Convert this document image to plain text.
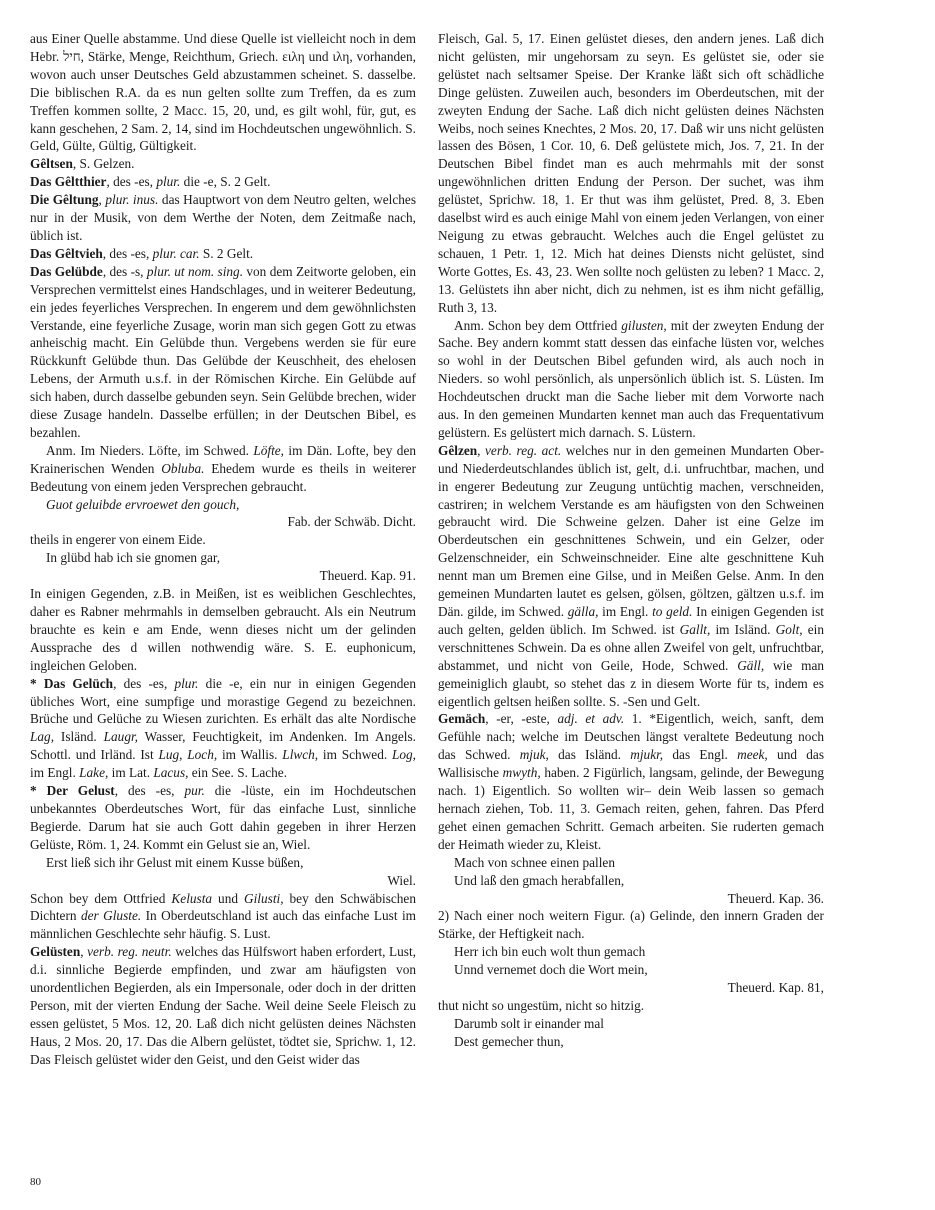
aus Einer Quelle abstamme. Und diese Quelle ist vielleicht noch in dem Hebr. חיל, Stärke, Menge, Reichthum, Griech. ειλη und ιλη, vorhanden, wovon auch unser Deutsches Geld abzustammen scheinet. S. dasselbe. Die biblischen R.A. da es nun gelten sollte zum Treffen, da es zum Treffen kommen sollte, 2 Macc. 15, 20, und, es gilt wohl, für, gut, es kann geschehen, 2 Sam. 2, 14, sind im Hochdeutschen ungewöhnlich. S. Geld, Gülte, Gültig, Gültigkeit.

Gêltsen, S. Gelzen.

Das Gêltthier, des -es, plur. die -e, S. 2 Gelt.

Die Gêltung, plur. inus. das Hauptwort von dem Neutro gelten, welches nur in der Musik, von dem Werthe der Noten, dem Zeitmaße nach, üblich ist.

Das Gêltvieh, des -es, plur. car. S. 2 Gelt.

Das Gelübde, des -s, plur. ut nom. sing. von dem Zeitworte geloben, ein Versprechen vermittelst eines Handschlages, und in weiterer Bedeutung, ein jedes feyerliches Versprechen. In engerem und dem gewöhnlichsten Verstande, eine feyerliche Zusage, worin man sich gegen Gott zu etwas anheischig macht. Ein Gelübde thun. Vergebens werden sie für eure Rückkunft Gelübde thun. Das Gelübde der Keuschheit, des ehelosen Lebens, der Armuth u.s.f. in der Römischen Kirche. Ein Gelübde auf sich haben, durch dasselbe gebunden seyn. Sein Gelübde brechen, wider diese Zusage handeln. Dasselbe erfüllen; in der Deutschen Bibel, es bezahlen.

Anm. Im Nieders. Löfte, im Schwed. Löfte, im Dän. Lofte, bey den Krainerischen Wenden Obluba. Ehedem wurde es theils in weiterer Bedeutung von einem jeden Versprechen gebraucht.

Guot geluibde ervroewet den gouch,

Fab. der Schwäb. Dicht.

theils in engerer von einem Eide.

In glübd hab ich sie gnomen gar,

Theuerd. Kap. 91.

In einigen Gegenden, z.B. in Meißen, ist es weiblichen Geschlechtes, daher es Rabner mehrmahls in demselben gebraucht. Als ein Neutrum brauchte es kein e am Ende, wenn dieses nicht um der gelinden Aussprache des d willen nothwendig wäre. S. E. euphonicum, ingleichen Geloben.

* Das Gelüch, des -es, plur. die -e, ein nur in einigen Gegenden übliches Wort, eine sumpfige und morastige Gegend zu bezeichnen. Brüche und Gelüche zu Wiesen zurichten. Es erhält das alte Nordische Lag, Isländ. Laugr, Wasser, Feuchtigkeit, im Andenken. Im Angels. Schottl. und Irländ. Ist Lug, Loch, im Wallis. Llwch, im Schwed. Log, im Engl. Lake, im Lat. Lacus, ein See. S. Lache.

* Der Gelust, des -es, pur. die -lüste, ein im Hochdeutschen unbekanntes Oberdeutsches Wort, für das einfache Lust, sinnliche Begierde. Darum hat sie auch Gott dahin gegeben in ihrer Herzen Gelüste, Röm. 1, 24. Kommt ein Gelust sie an, Wiel.

Erst ließ sich ihr Gelust mit einem Kusse büßen,

Wiel.

Schon bey dem Ottfried Kelusta und Gilusti, bey den Schwäbischen Dichtern der Gluste. In Oberdeutschland ist auch das einfache Lust im männlichen Geschlechte sehr häufig. S. Lust.

Gelüsten, verb. reg. neutr. welches das Hülfswort haben erfordert, Lust, d.i. sinnliche Begierde empfinden, und zwar am häufigsten von unordentlichen Begierden, als ein Impersonale, oder doch in der dritten Person, mit der vierten Endung der Sache. Weil deine Seele Fleisch zu essen gelüstet, 5 Mos. 12, 20. Laß dich nicht gelüsten deines Nächsten Haus, 2 Mos. 20, 17. Das die Albern gelüstet, tödtet sie, Sprichw. 1, 12. Das Fleisch gelüstet wider den Geist, und den Geist wider das

Fleisch, Gal. 5, 17. Einen gelüstet dieses, den andern jenes. Laß dich nicht gelüsten, mir ungehorsam zu seyn. Es gelüstet sie, oder sie gelüstet nach seltsamer Speise. Der Kranke läßt sich oft schädliche Dinge gelüsten. Zuweilen auch, besonders im Oberdeutschen, mit der zweyten Endung der Sache. Laß dich nicht gelüsten deines Nächsten Weibs, noch seines Knechtes, 2 Mos. 20, 17. Daß wir uns nicht gelüsten lassen des Bösen, 1 Cor. 10, 6. Deß gelüstete mich, Jos. 7, 21. In der Deutschen Bibel findet man es auch mehrmahls mit der sonst ungewöhnlichen dritten Endung der Person. Der suchet, was ihm gelüstet, Sprichw. 18, 1. Er thut was ihm gelüstet, Pred. 8, 3. Eben daselbst wird es auch einige Mahl von einem jeden Verlangen, von einer Neigung zu etwas gebraucht. Welches auch die Engel gelüstet zu schauen, 1 Petr. 1, 12. Mich hat deines Diensts nicht gelüstet, sind Worte Gottes, Es. 43, 23. Wen sollte noch gelüsten zu leben? 1 Macc. 2, 13. Gelüstets ihn aber nicht, dich zu nehmen, ist es ihm nicht gefällig, Ruth 3, 13.

Anm. Schon bey dem Ottfried gilusten, mit der zweyten Endung der Sache. Bey andern kommt statt dessen das einfache lüsten vor, welches so wohl in der Deutschen Bibel gefunden wird, als auch noch in Nieders. so wohl persönlich, als unpersönlich üblich ist. S. Lüsten. Im Hochdeutschen druckt man die Sache lieber mit dem Vorworte nach aus. In den gemeinen Mundarten kennet man auch das Frequentativum gelüstern. Es gelüstert mich darnach. S. Lüstern.

Gêlzen, verb. reg. act. welches nur in den gemeinen Mundarten Ober- und Niederdeutschlandes üblich ist, gelt, d.i. unfruchtbar, machen, und in engerer Bedeutung zur Zeugung untüchtig machen, verschneiden, castriren; in welchem Verstande es am häufigsten von den Schweinen gebraucht wird. Die Schweine gelzen. Daher ist eine Gelze im Oberdeutschen ein geschnittenes Schwein, und ein Gelzer, oder Gelzenschneider, ein Schweinschneider. Eine alte geschnittene Kuh nennt man um Bremen eine Gilse, und in Meißen Gelse. Anm. In den gemeinen Mundarten lautet es gelsen, gölsen, göltzen, gältzen u.s.f. im Dän. gilde, im Schwed. gälla, im Engl. to geld. In einigen Gegenden ist auch gelten, gelden üblich. Im Schwed. ist Gallt, im Isländ. Golt, ein verschnittenes Schwein. Da es ohne allen Zweifel von gelt, unfruchtbar, abstammet, und nicht von Geile, Hode, Schwed. Gäll, wie man gemeiniglich glaubt, so stehet das z in diesem Worte für ts, indem es eigentlich geltsen heißen sollte. S. -Sen und Gelt.

Gemäch, -er, -este, adj. et adv. 1. *Eigentlich, weich, sanft, dem Gefühle nach; welche im Deutschen längst veraltete Bedeutung noch das Schwed. mjuk, das Isländ. mjukr, das Engl. meek, und das Wallisische mwyth, haben. 2 Figürlich, langsam, gelinde, der Bewegung nach. 1) Eigentlich. So wollten wir– dein Weib lassen so gemach hernach ziehen, Tob. 11, 3. Gemach reiten, gehen, fahren. Das Pferd gehet einen gemachen Schritt. Gemach arbeiten. Sie ruderten gemach der Heimath wieder zu, Kleist.

Mach von schnee einen pallen

Und laß den gmach herabfallen,

Theuerd. Kap. 36.

2) Nach einer noch weitern Figur. (a) Gelinde, den innern Graden der Stärke, der Heftigkeit nach.

Herr ich bin euch wolt thun gemach

Unnd vernemet doch die Wort mein,

Theuerd. Kap. 81,

thut nicht so ungestüm, nicht so hitzig.

Darumb solt ir einander mal

Dest gemecher thun,

80
